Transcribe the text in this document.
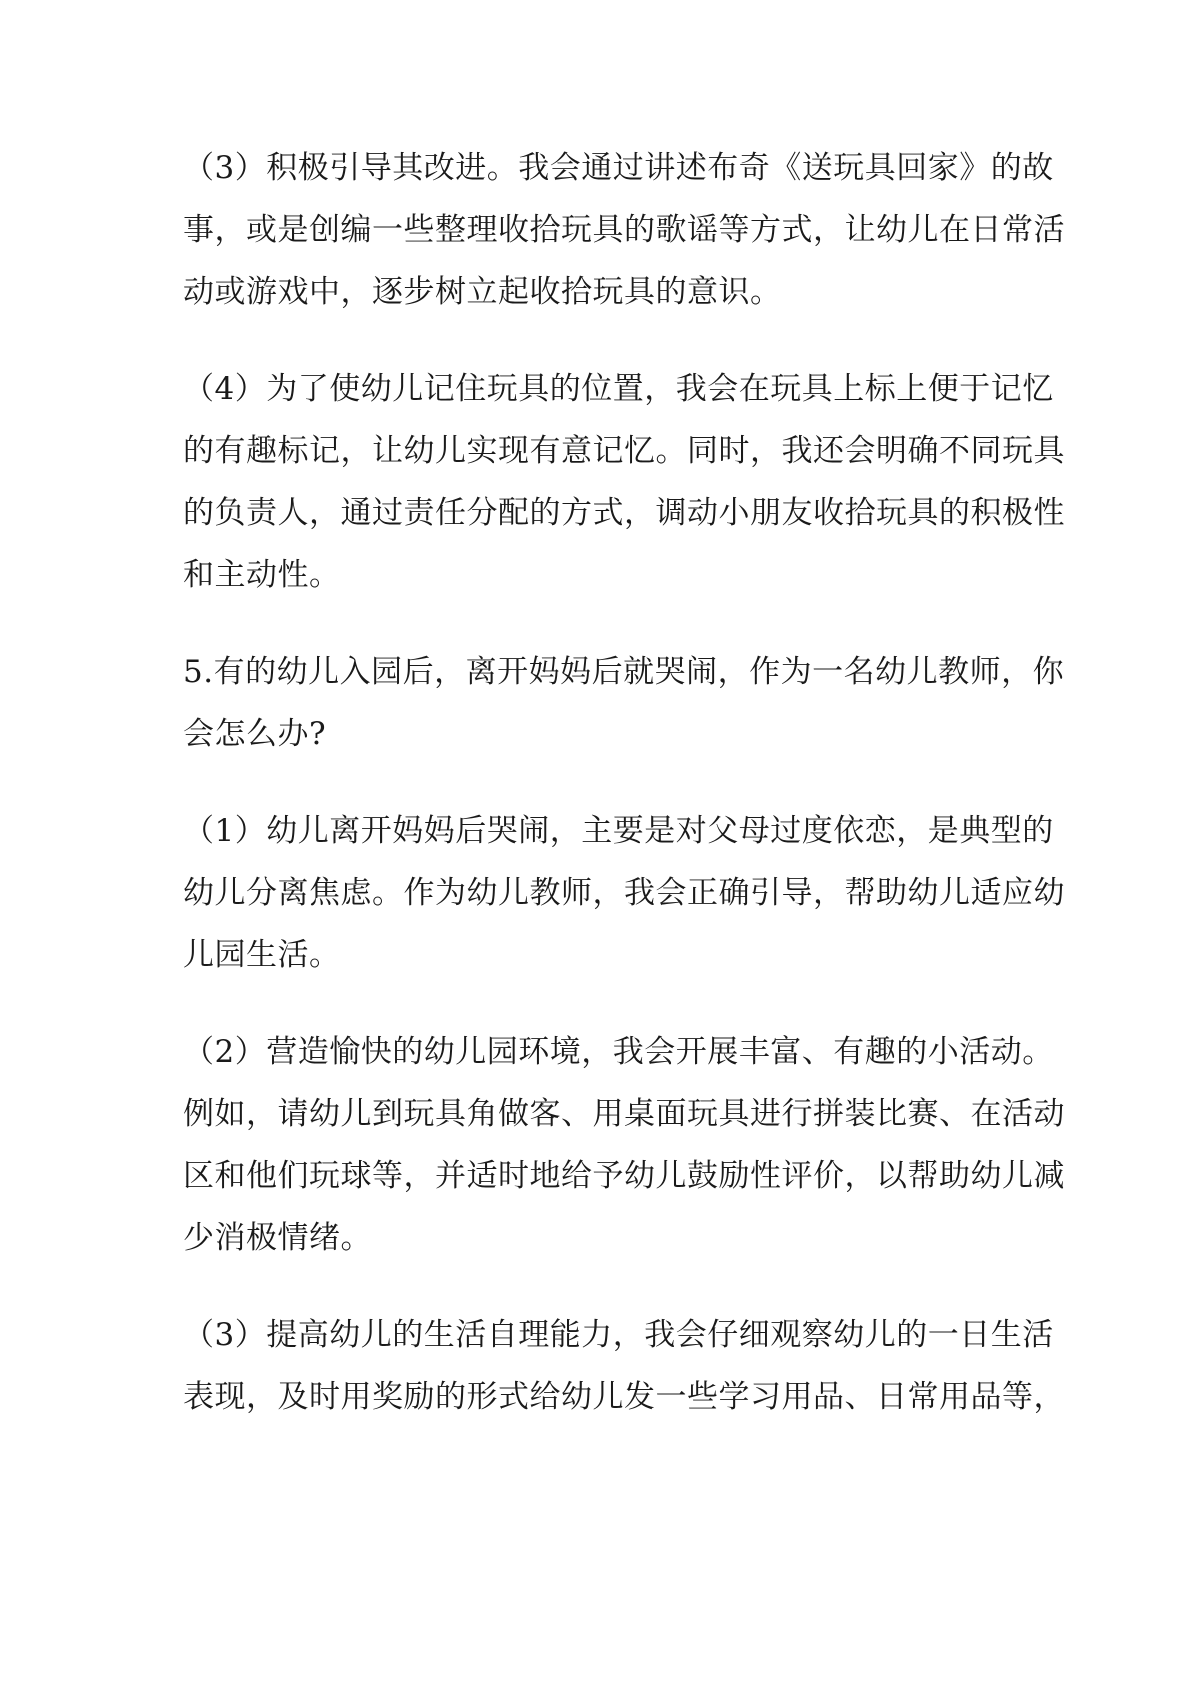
（3）积极引导其改进。我会通过讲述布奇《送玩具回家》的故

事，或是创编一些整理收拾玩具的歌谣等方式，让幼儿在日常活

动或游戏中，逐步树立起收拾玩具的意识。

（4）为了使幼儿记住玩具的位置，我会在玩具上标上便于记忆

的有趣标记，让幼儿实现有意记忆。同时，我还会明确不同玩具

的负责人，通过责任分配的方式，调动小朋友收拾玩具的积极性

和主动性。

5.有的幼儿入园后，离开妈妈后就哭闹，作为一名幼儿教师，你

会怎么办?

（1）幼儿离开妈妈后哭闹，主要是对父母过度依恋，是典型的

幼儿分离焦虑。作为幼儿教师，我会正确引导，帮助幼儿适应幼

儿园生活。

（2）营造愉快的幼儿园环境，我会开展丰富、有趣的小活动。

例如，请幼儿到玩具角做客、用桌面玩具进行拼装比赛、在活动

区和他们玩球等，并适时地给予幼儿鼓励性评价，以帮助幼儿减

少消极情绪。

（3）提高幼儿的生活自理能力，我会仔细观察幼儿的一日生活

表现，及时用奖励的形式给幼儿发一些学习用品、日常用品等，
